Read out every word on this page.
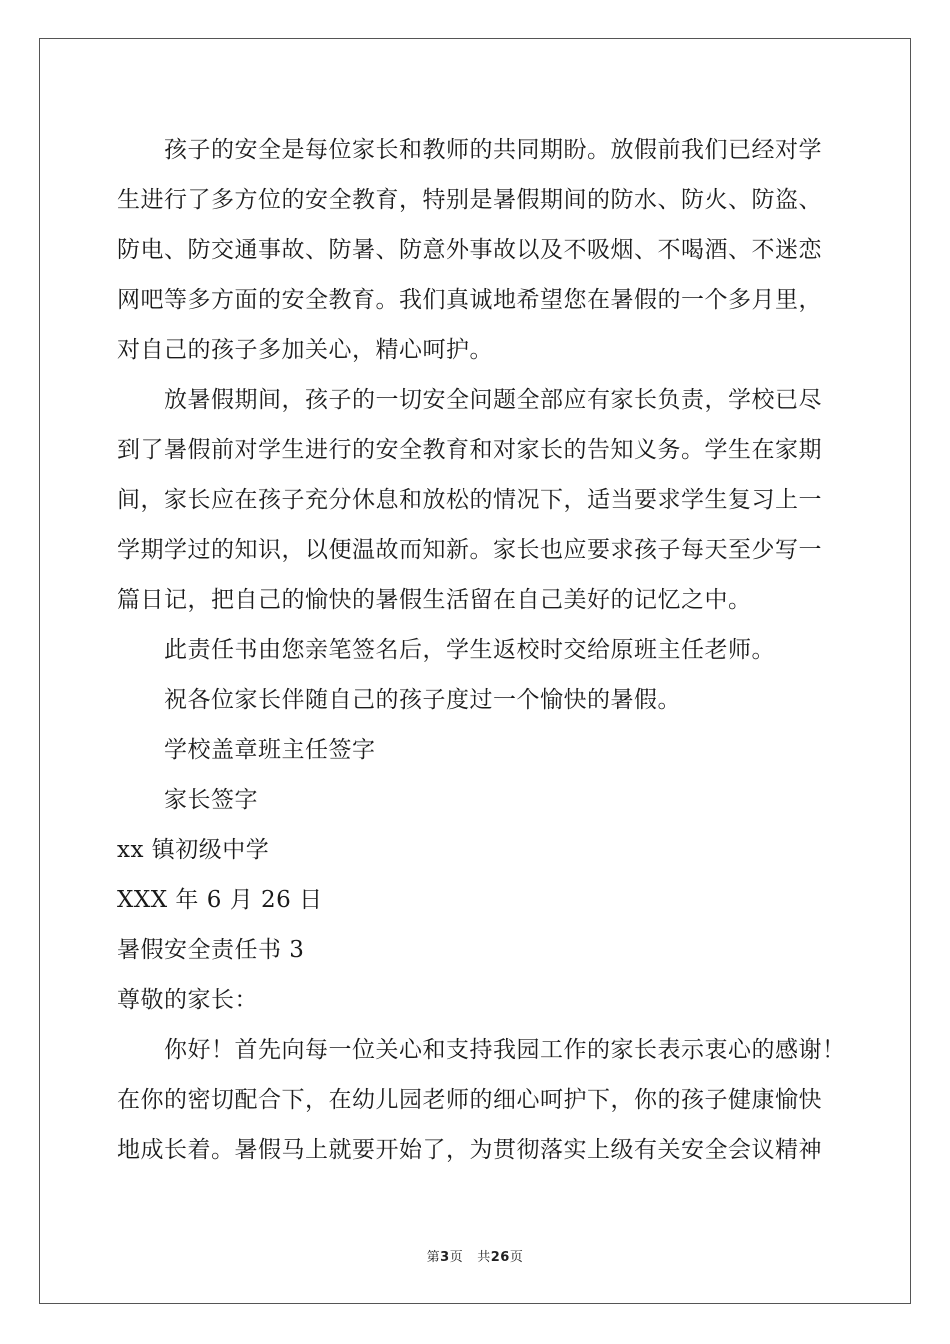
孩子的安全是每位家长和教师的共同期盼。放假前我们已经对学
生进行了多方位的安全教育，特别是暑假期间的防水、防火、防盗、
防电、防交通事故、防暑、防意外事故以及不吸烟、不喝酒、不迷恋
网吧等多方面的安全教育。我们真诚地希望您在暑假的一个多月里，
对自己的孩子多加关心，精心呵护。
放暑假期间，孩子的一切安全问题全部应有家长负责，学校已尽
到了暑假前对学生进行的安全教育和对家长的告知义务。学生在家期
间，家长应在孩子充分休息和放松的情况下，适当要求学生复习上一
学期学过的知识，以便温故而知新。家长也应要求孩子每天至少写一
篇日记，把自己的愉快的暑假生活留在自己美好的记忆之中。
此责任书由您亲笔签名后，学生返校时交给原班主任老师。
祝各位家长伴随自己的孩子度过一个愉快的暑假。
学校盖章班主任签字
家长签字
xx 镇初级中学
XXX 年 6 月 26 日
暑假安全责任书 3
尊敬的家长：
你好！首先向每一位关心和支持我园工作的家长表示衷心的感谢！
在你的密切配合下，在幼儿园老师的细心呵护下，你的孩子健康愉快
地成长着。暑假马上就要开始了，为贯彻落实上级有关安全会议精神
第3页 共26页
